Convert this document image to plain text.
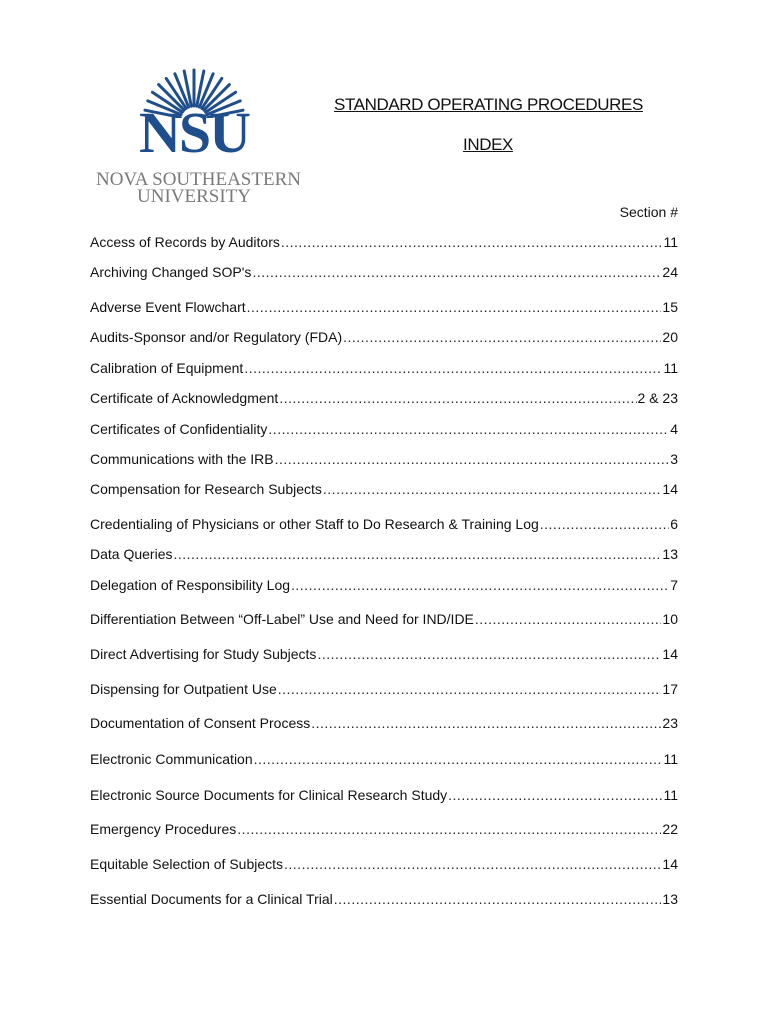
NSU
NOVA SOUTHEASTERN
UNIVERSITY
STANDARD OPERATING PROCEDURES
INDEX
Section #
Access of Records by Auditors .....	11
Archiving Changed SOP's .....	24
Adverse Event Flowchart .....	15
Audits-Sponsor and/or Regulatory (FDA) .....	20
Calibration of Equipment .....	11
Certificate of Acknowledgment .....	2 & 23
Certificates of Confidentiality .....	4
Communications with the IRB .....	3
Compensation for Research Subjects .....	14
Credentialing of Physicians or other Staff to Do Research & Training Log .....	6
Data Queries .....	13
Delegation of Responsibility Log .....	7
Differentiation Between “Off-Label” Use and Need for IND/IDE .....	10
Direct Advertising for Study Subjects .....	14
Dispensing for Outpatient Use .....	17
Documentation of Consent Process .....	23
Electronic Communication .....	11
Electronic Source Documents for Clinical Research Study .....	11
Emergency Procedures .....	22
Equitable Selection of Subjects .....	14
Essential Documents for a Clinical Trial .....	13
